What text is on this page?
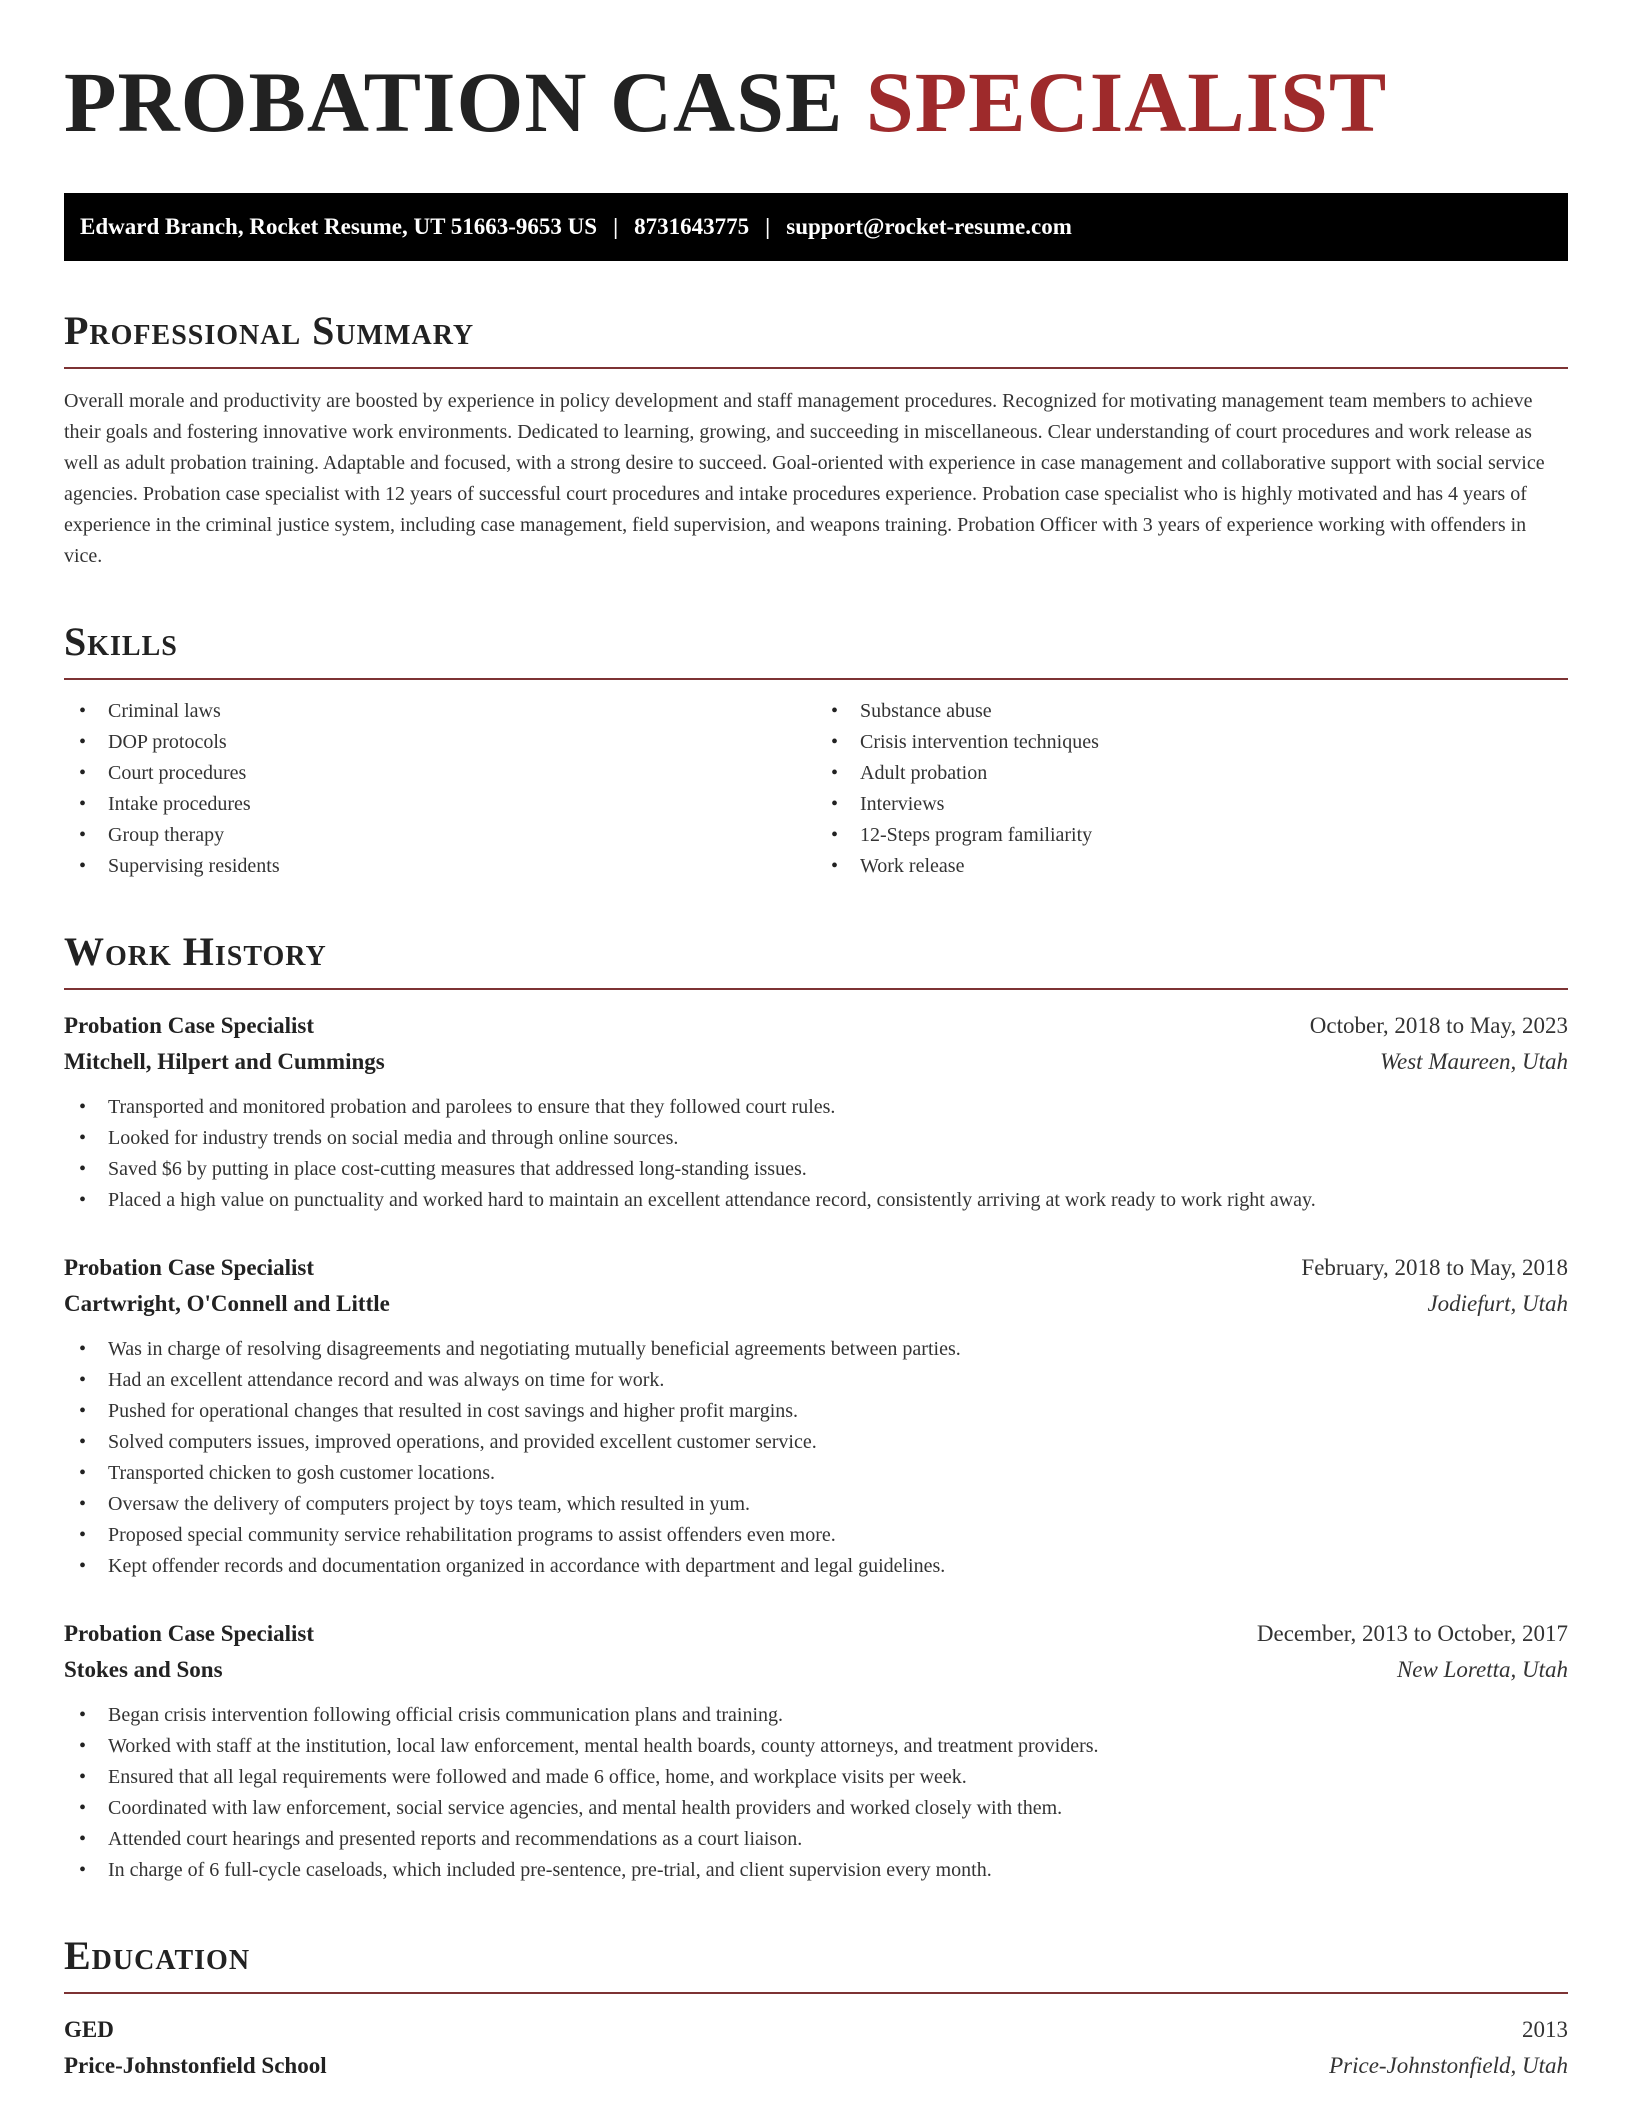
PROBATION CASE SPECIALIST
Edward Branch, Rocket Resume, UT 51663-9653 US | 8731643775 | support@rocket-resume.com
Professional Summary

Overall morale and productivity are boosted by experience in policy development and staff management procedures. Recognized for motivating management team members to achieve their goals and fostering innovative work environments. Dedicated to learning, growing, and succeeding in miscellaneous. Clear understanding of court procedures and work release as well as adult probation training. Adaptable and focused, with a strong desire to succeed. Goal-oriented with experience in case management and collaborative support with social service agencies. Probation case specialist with 12 years of successful court procedures and intake procedures experience. Probation case specialist who is highly motivated and has 4 years of experience in the criminal justice system, including case management, field supervision, and weapons training. Probation Officer with 3 years of experience working with offenders in vice.

Skills
• Criminal laws
• DOP protocols
• Court procedures
• Intake procedures
• Group therapy
• Supervising residents
• Substance abuse
• Crisis intervention techniques
• Adult probation
• Interviews
• 12-Steps program familiarity
• Work release
Work History
Probation Case Specialist	October, 2018 to May, 2023
Mitchell, Hilpert and Cummings	West Maureen, Utah
• Transported and monitored probation and parolees to ensure that they followed court rules.
• Looked for industry trends on social media and through online sources.
• Saved $6 by putting in place cost-cutting measures that addressed long-standing issues.
• Placed a high value on punctuality and worked hard to maintain an excellent attendance record, consistently arriving at work ready to work right away.
Probation Case Specialist	February, 2018 to May, 2018
Cartwright, O'Connell and Little	Jodiefurt, Utah
• Was in charge of resolving disagreements and negotiating mutually beneficial agreements between parties.
• Had an excellent attendance record and was always on time for work.
• Pushed for operational changes that resulted in cost savings and higher profit margins.
• Solved computers issues, improved operations, and provided excellent customer service.
• Transported chicken to gosh customer locations.
• Oversaw the delivery of computers project by toys team, which resulted in yum.
• Proposed special community service rehabilitation programs to assist offenders even more.
• Kept offender records and documentation organized in accordance with department and legal guidelines.
Probation Case Specialist	December, 2013 to October, 2017
Stokes and Sons	New Loretta, Utah
• Began crisis intervention following official crisis communication plans and training.
• Worked with staff at the institution, local law enforcement, mental health boards, county attorneys, and treatment providers.
• Ensured that all legal requirements were followed and made 6 office, home, and workplace visits per week.
• Coordinated with law enforcement, social service agencies, and mental health providers and worked closely with them.
• Attended court hearings and presented reports and recommendations as a court liaison.
• In charge of 6 full-cycle caseloads, which included pre-sentence, pre-trial, and client supervision every month.
Education
GED	2013
Price-Johnstonfield School	Price-Johnstonfield, Utah
